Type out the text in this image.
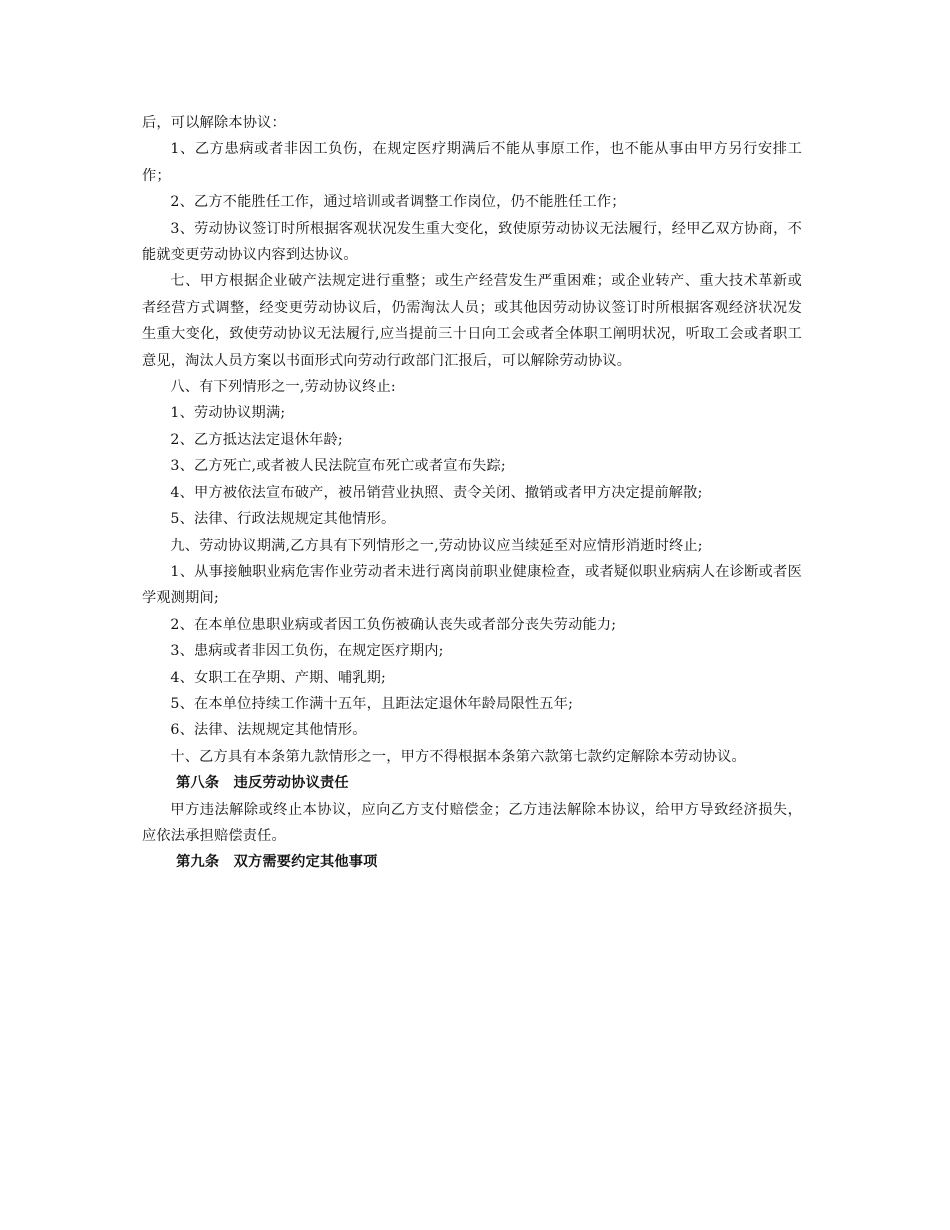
后，可以解除本协议：

1、乙方患病或者非因工负伤，在规定医疗期满后不能从事原工作，也不能从事由甲方另行安排工作；

2、乙方不能胜任工作，通过培训或者调整工作岗位，仍不能胜任工作；

3、劳动协议签订时所根据客观状况发生重大变化，致使原劳动协议无法履行，经甲乙双方协商，不能就变更劳动协议内容到达协议。

七、甲方根据企业破产法规定进行重整；或生产经营发生严重困难；或企业转产、重大技术革新或者经营方式调整，经变更劳动协议后，仍需淘汰人员；或其他因劳动协议签订时所根据客观经济状况发生重大变化，致使劳动协议无法履行,应当提前三十日向工会或者全体职工阐明状况，听取工会或者职工意见，淘汰人员方案以书面形式向劳动行政部门汇报后，可以解除劳动协议。

八、有下列情形之一,劳动协议终止:

1、劳动协议期满;

2、乙方抵达法定退休年龄;

3、乙方死亡,或者被人民法院宣布死亡或者宣布失踪;

4、甲方被依法宣布破产，被吊销营业执照、责令关闭、撤销或者甲方决定提前解散;

5、法律、行政法规规定其他情形。

九、劳动协议期满,乙方具有下列情形之一,劳动协议应当续延至对应情形消逝时终止;

1、从事接触职业病危害作业劳动者未进行离岗前职业健康检查，或者疑似职业病病人在诊断或者医学观测期间;

2、在本单位患职业病或者因工负伤被确认丧失或者部分丧失劳动能力;

3、患病或者非因工负伤，在规定医疗期内;

4、女职工在孕期、产期、哺乳期;

5、在本单位持续工作满十五年，且距法定退休年龄局限性五年;

6、法律、法规规定其他情形。

十、乙方具有本条第九款情形之一，甲方不得根据本条第六款第七款约定解除本劳动协议。

第八条　违反劳动协议责任

甲方违法解除或终止本协议，应向乙方支付赔偿金；乙方违法解除本协议，给甲方导致经济损失，应依法承担赔偿责任。

第九条　双方需要约定其他事项
